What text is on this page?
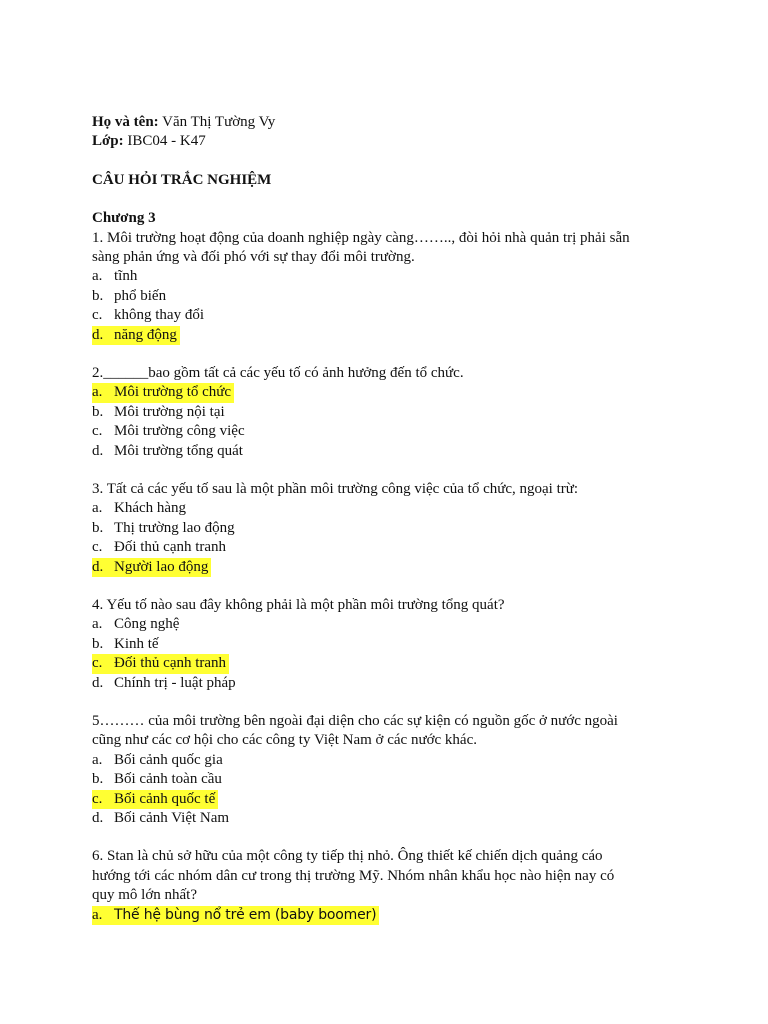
Họ và tên: Văn Thị Tường Vy
Lớp: IBC04 - K47
CÂU HỎI TRẮC NGHIỆM
Chương 3
1. Môi trường hoạt động của doanh nghiệp ngày càng…….., đòi hỏi nhà quản trị phải sẵn
sàng phản ứng và đối phó với sự thay đổi môi trường.
a. tĩnh
b. phổ biến
c. không thay đổi
d. năng động
2.______bao gồm tất cả các yếu tố có ảnh hưởng đến tổ chức.
a. Môi trường tổ chức
b. Môi trường nội tại
c. Môi trường công việc
d. Môi trường tổng quát
3. Tất cả các yếu tố sau là một phần môi trường công việc của tổ chức, ngoại trừ:
a. Khách hàng
b. Thị trường lao động
c. Đối thủ cạnh tranh
d. Người lao động
4. Yếu tố nào sau đây không phải là một phần môi trường tổng quát?
a. Công nghệ
b. Kinh tế
c. Đối thủ cạnh tranh
d. Chính trị - luật pháp
5……… của môi trường bên ngoài đại diện cho các sự kiện có nguồn gốc ở nước ngoài
cũng như các cơ hội cho các công ty Việt Nam ở các nước khác.
a. Bối cảnh quốc gia
b. Bối cảnh toàn cầu
c. Bối cảnh quốc tế
d. Bối cảnh Việt Nam
6. Stan là chủ sở hữu của một công ty tiếp thị nhỏ. Ông thiết kế chiến dịch quảng cáo
hướng tới các nhóm dân cư trong thị trường Mỹ. Nhóm nhân khẩu học nào hiện nay có
quy mô lớn nhất?
a. Thế hệ bùng nổ trẻ em (baby boomer)
